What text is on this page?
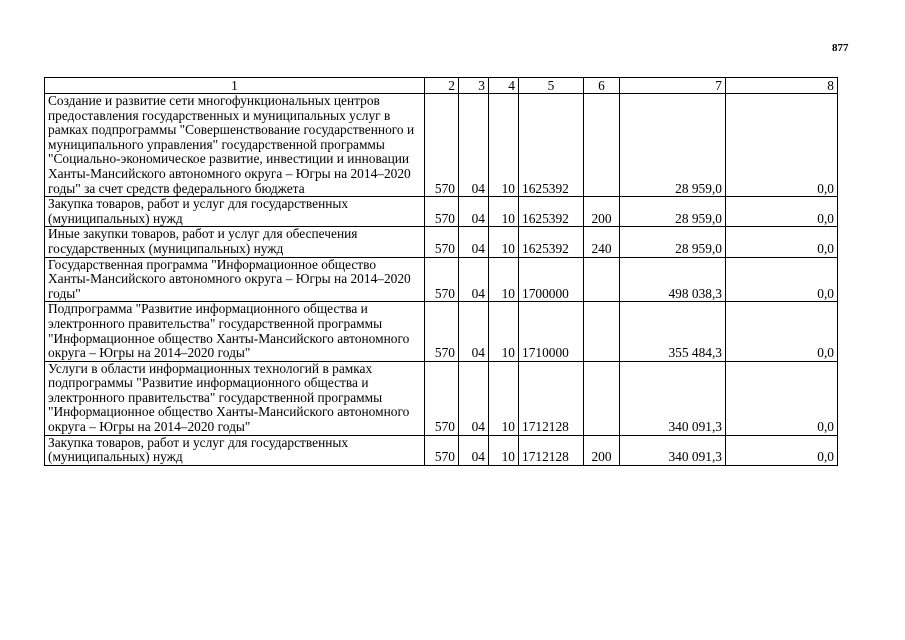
877
1	2	3	4	5	6	7	8
Создание и развитие сети многофункциональных центров предоставления государственных и муниципальных услуг в рамках подпрограммы "Совершенствование государственного и муниципального управления" государственной программы "Социально-экономическое развитие, инвестиции и инновации Ханты-Мансийского автономного округа – Югры на 2014–2020 годы" за счет средств федерального бюджета	570	04	10	1625392		28 959,0	0,0
Закупка товаров, работ и услуг для государственных (муниципальных) нужд	570	04	10	1625392	200	28 959,0	0,0
Иные закупки товаров, работ и услуг для обеспечения государственных (муниципальных) нужд	570	04	10	1625392	240	28 959,0	0,0
Государственная программа "Информационное общество Ханты-Мансийского автономного округа – Югры на 2014–2020 годы"	570	04	10	1700000		498 038,3	0,0
Подпрограмма "Развитие информационного общества и электронного правительства" государственной программы "Информационное общество Ханты-Мансийского автономного округа – Югры на 2014–2020 годы"	570	04	10	1710000		355 484,3	0,0
Услуги в области информационных технологий в рамках подпрограммы "Развитие информационного общества и электронного правительства" государственной программы "Информационное общество Ханты-Мансийского автономного округа – Югры на 2014–2020 годы"	570	04	10	1712128		340 091,3	0,0
Закупка товаров, работ и услуг для государственных (муниципальных) нужд	570	04	10	1712128	200	340 091,3	0,0
